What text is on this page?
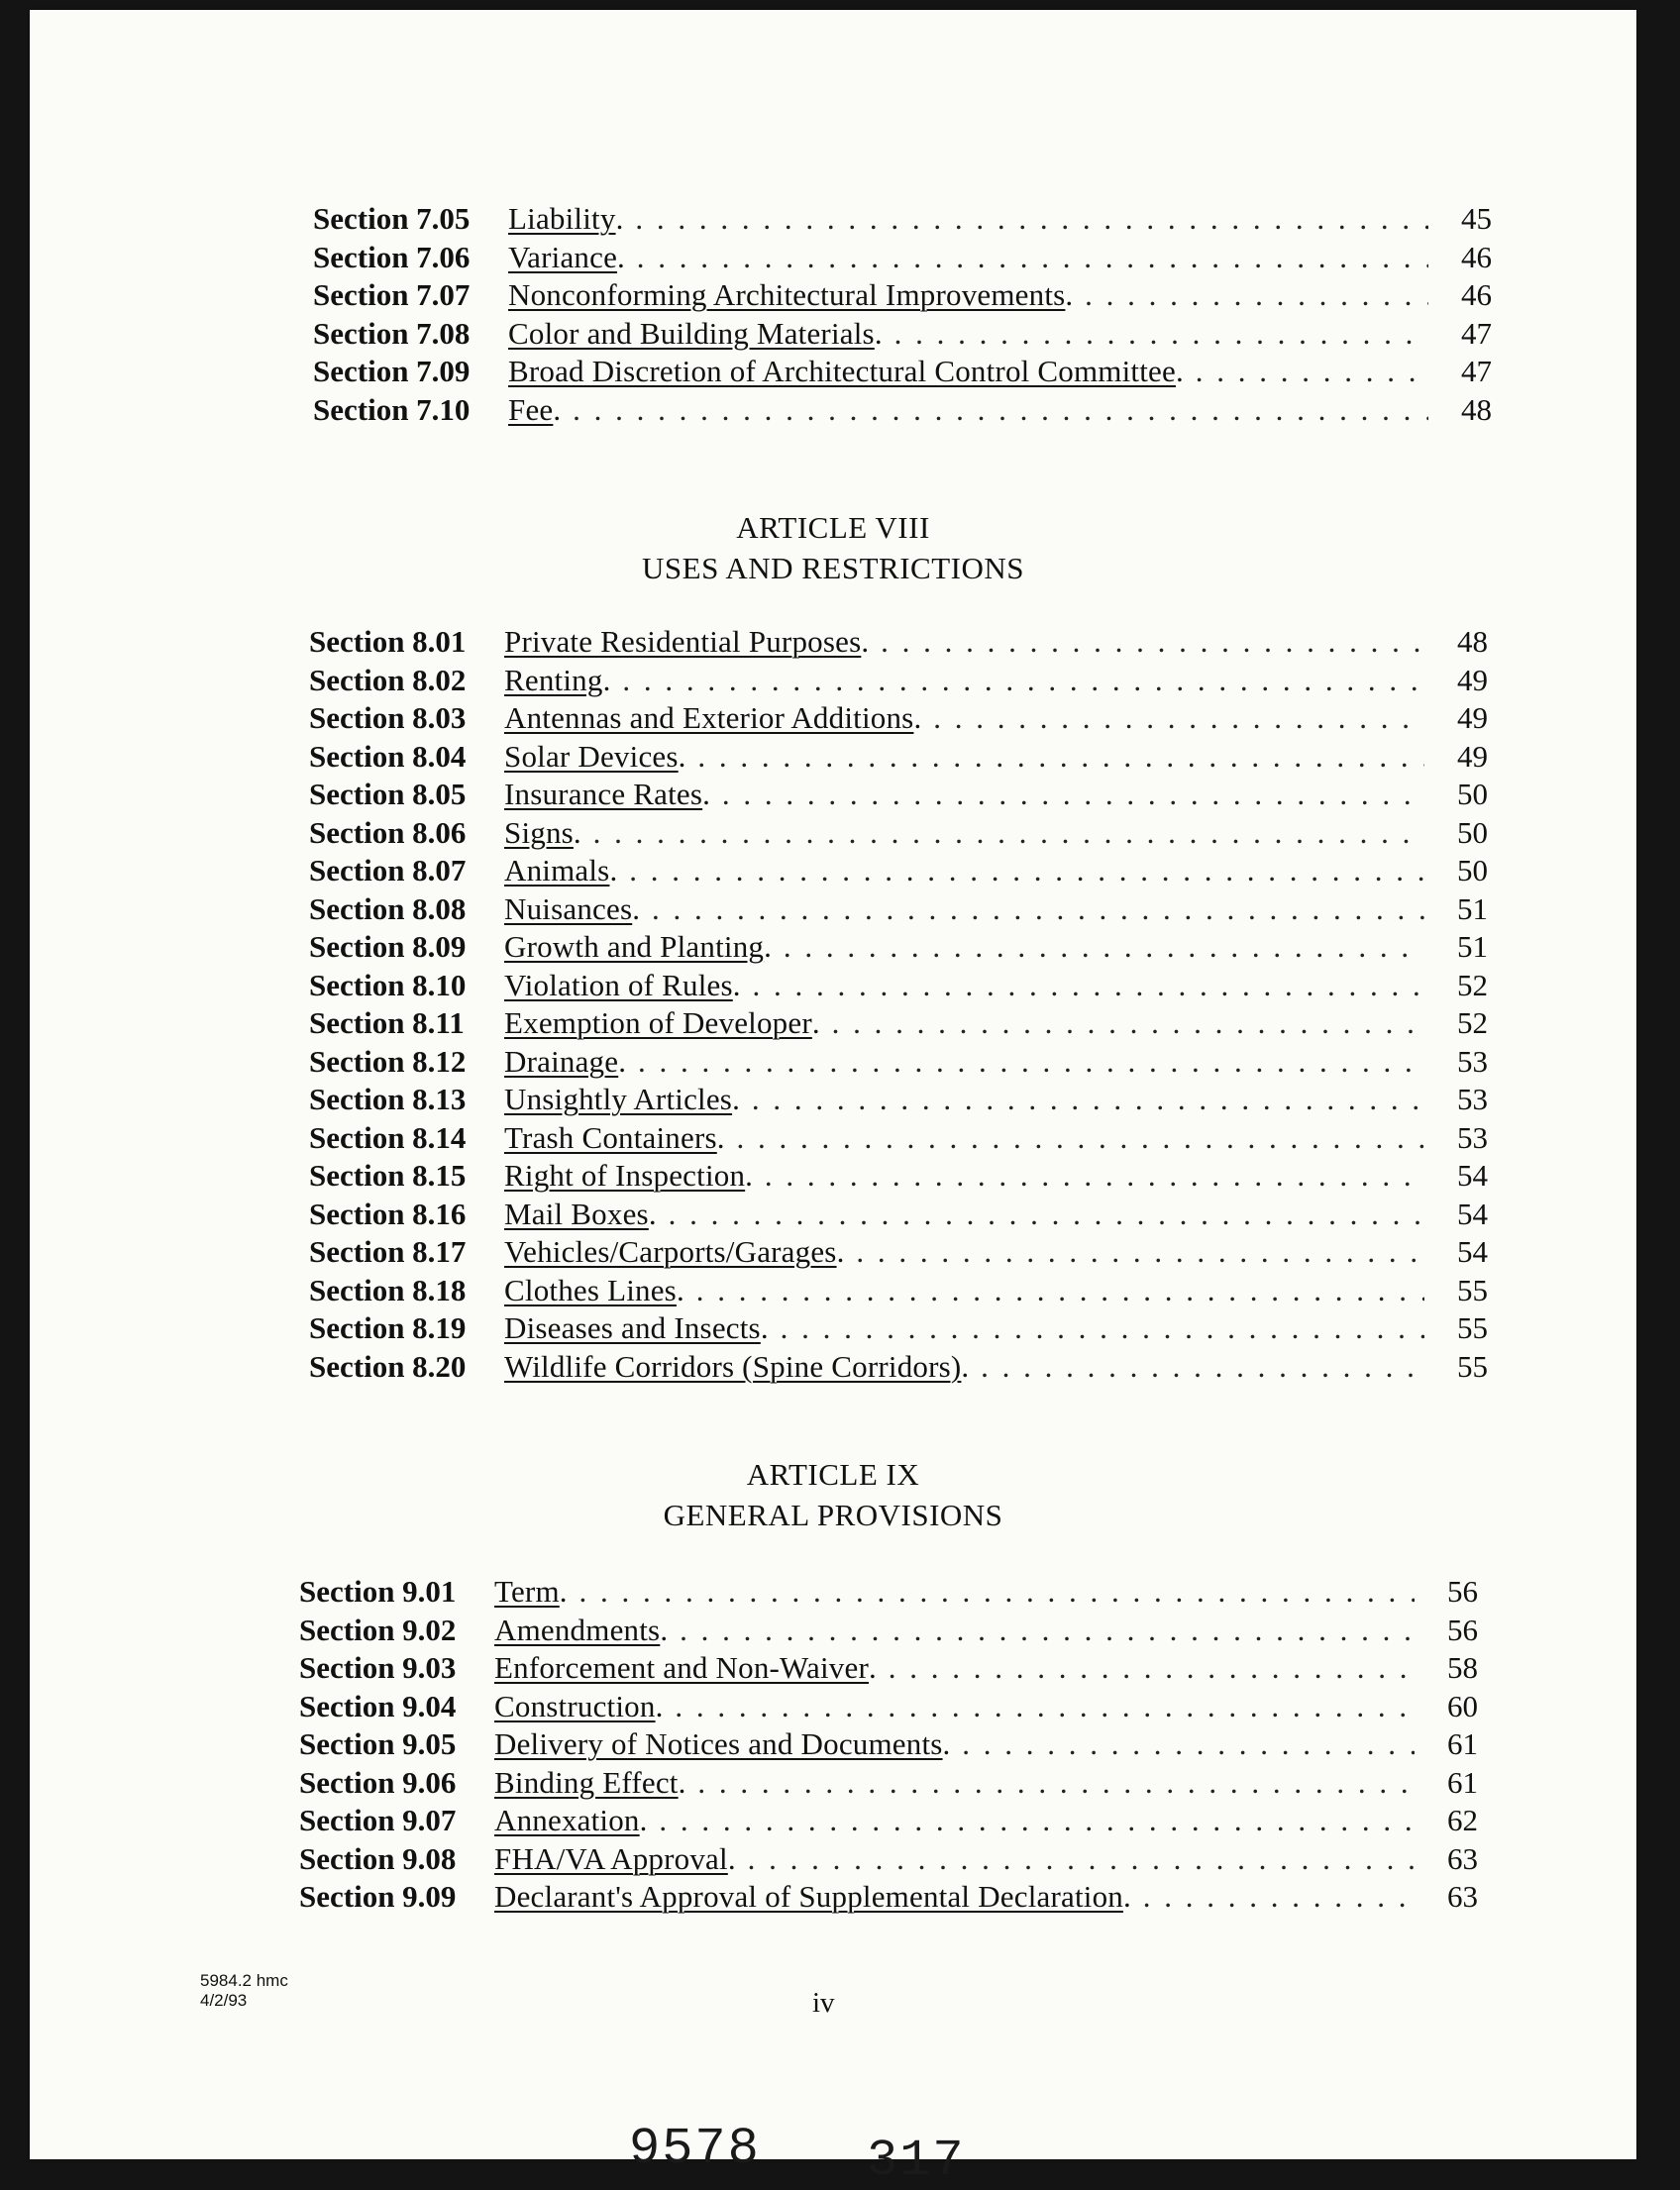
Section 7.05	Liability . . . .	45
Section 7.06	Variance . . . .	46
Section 7.07	Nonconforming Architectural Improvements . . . .	46
Section 7.08	Color and Building Materials . . . .	47
Section 7.09	Broad Discretion of Architectural Control Committee . . . .	47
Section 7.10	Fee . . . .	48
ARTICLE VIII
USES AND RESTRICTIONS
Section 8.01	Private Residential Purposes . . . .	48
Section 8.02	Renting . . . .	49
Section 8.03	Antennas and Exterior Additions . . . .	49
Section 8.04	Solar Devices . . . .	49
Section 8.05	Insurance Rates . . . .	50
Section 8.06	Signs . . . .	50
Section 8.07	Animals . . . .	50
Section 8.08	Nuisances . . . .	51
Section 8.09	Growth and Planting . . . .	51
Section 8.10	Violation of Rules . . . .	52
Section 8.11	Exemption of Developer . . . .	52
Section 8.12	Drainage . . . .	53
Section 8.13	Unsightly Articles . . . .	53
Section 8.14	Trash Containers . . . .	53
Section 8.15	Right of Inspection . . . .	54
Section 8.16	Mail Boxes . . . .	54
Section 8.17	Vehicles/Carports/Garages . . . .	54
Section 8.18	Clothes Lines . . . .	55
Section 8.19	Diseases and Insects . . . .	55
Section 8.20	Wildlife Corridors (Spine Corridors) . . . .	55
ARTICLE IX
GENERAL PROVISIONS
Section 9.01	Term . . . .	56
Section 9.02	Amendments . . . .	56
Section 9.03	Enforcement and Non-Waiver . . . .	58
Section 9.04	Construction . . . .	60
Section 9.05	Delivery of Notices and Documents . . . .	61
Section 9.06	Binding Effect . . . .	61
Section 9.07	Annexation . . . .	62
Section 9.08	FHA/VA Approval . . . .	63
Section 9.09	Declarant's Approval of Supplemental Declaration . . . .	63
5984.2 hmc
4/2/93	iv
9578 317
